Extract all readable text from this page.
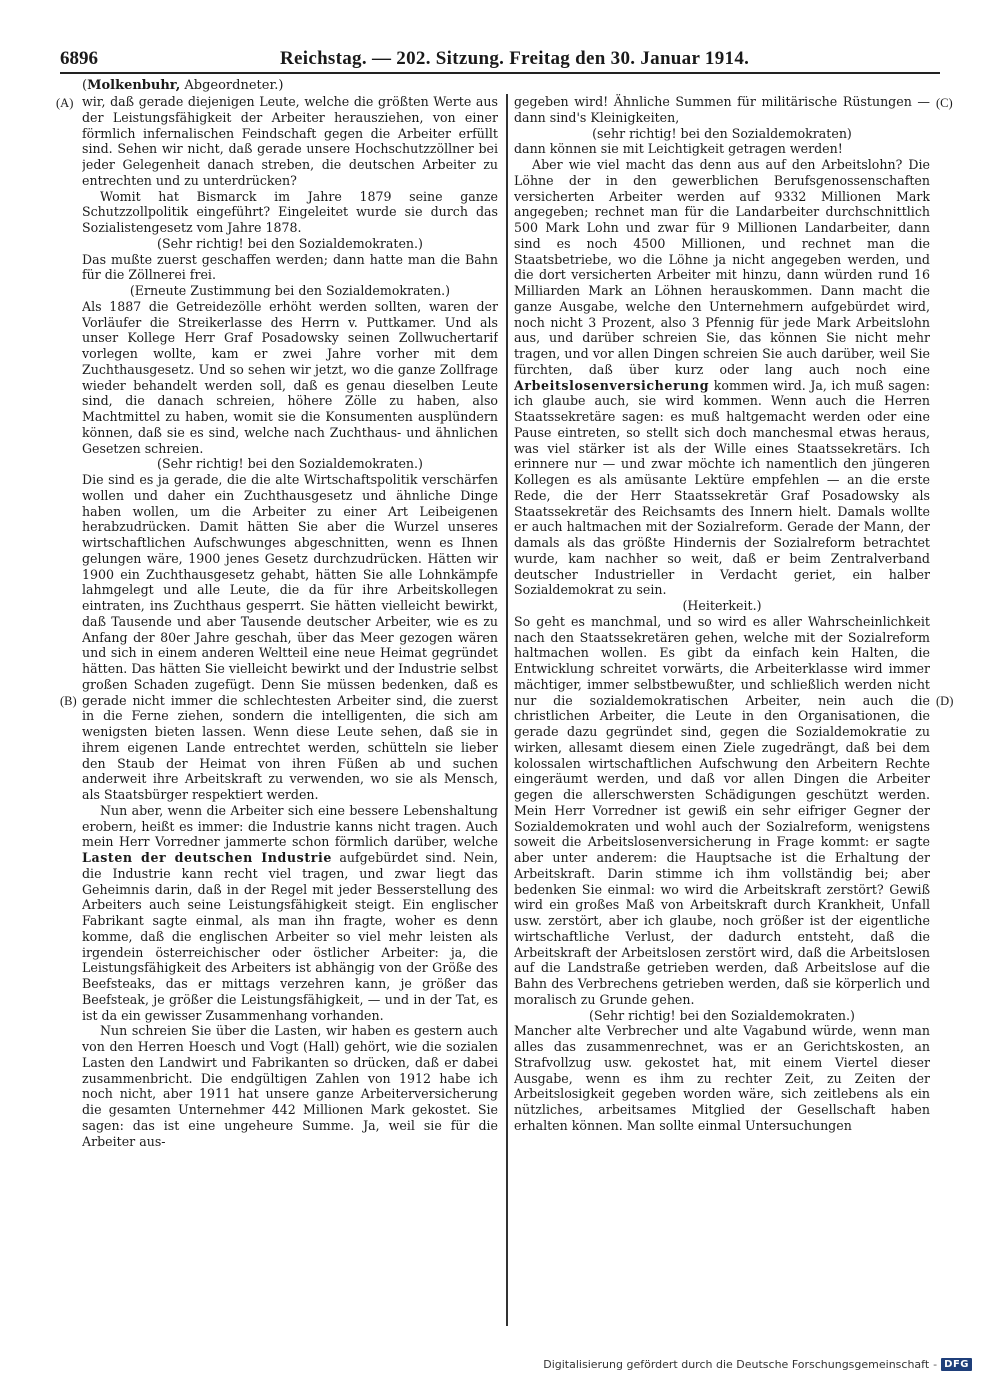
6896	Reichstag. — 202. Sitzung. Freitag den 30. Januar 1914.
(Molkenbuhr, Abgeordneter.)
(A)
(B)
(C)
(D)

wir, daß gerade diejenigen Leute, welche die größten Werte aus der Leistungsfähigkeit der Arbeiter herausziehen, von einer förmlich infernalischen Feindschaft gegen die Arbeiter erfüllt sind. Sehen wir nicht, daß gerade unsere Hochschutzzöllner bei jeder Gelegenheit danach streben, die deutschen Arbeiter zu entrechten und zu unterdrücken?

Womit hat Bismarck im Jahre 1879 seine ganze Schutzzollpolitik eingeführt? Eingeleitet wurde sie durch das Sozialistengesetz vom Jahre 1878.

(Sehr richtig! bei den Sozialdemokraten.)

Das mußte zuerst geschaffen werden; dann hatte man die Bahn für die Zöllnerei frei.

(Erneute Zustimmung bei den Sozialdemokraten.)

Als 1887 die Getreidezölle erhöht werden sollten, waren der Vorläufer die Streikerlasse des Herrn v. Puttkamer. Und als unser Kollege Herr Graf Posadowsky seinen Zollwuchertarif vorlegen wollte, kam er zwei Jahre vorher mit dem Zuchthausgesetz. Und so sehen wir jetzt, wo die ganze Zollfrage wieder behandelt werden soll, daß es genau dieselben Leute sind, die danach schreien, höhere Zölle zu haben, also Machtmittel zu haben, womit sie die Konsumenten ausplündern können, daß sie es sind, welche nach Zuchthaus- und ähnlichen Gesetzen schreien.

(Sehr richtig! bei den Sozialdemokraten.)

Die sind es ja gerade, die die alte Wirtschaftspolitik verschärfen wollen und daher ein Zuchthausgesetz und ähnliche Dinge haben wollen, um die Arbeiter zu einer Art Leibeigenen herabzudrücken. Damit hätten Sie aber die Wurzel unseres wirtschaftlichen Aufschwunges abgeschnitten, wenn es Ihnen gelungen wäre, 1900 jenes Gesetz durchzudrücken. Hätten wir 1900 ein Zuchthausgesetz gehabt, hätten Sie alle Lohnkämpfe lahmgelegt und alle Leute, die da für ihre Arbeitskollegen eintraten, ins Zuchthaus gesperrt. Sie hätten vielleicht bewirkt, daß Tausende und aber Tausende deutscher Arbeiter, wie es zu Anfang der 80er Jahre geschah, über das Meer gezogen wären und sich in einem anderen Weltteil eine neue Heimat gegründet hätten. Das hätten Sie vielleicht bewirkt und der Industrie selbst großen Schaden zugefügt. Denn Sie müssen bedenken, daß es gerade nicht immer die schlechtesten Arbeiter sind, die zuerst in die Ferne ziehen, sondern die intelligenten, die sich am wenigsten bieten lassen. Wenn diese Leute sehen, daß sie in ihrem eigenen Lande entrechtet werden, schütteln sie lieber den Staub der Heimat von ihren Füßen ab und suchen anderweit ihre Arbeitskraft zu verwenden, wo sie als Mensch, als Staatsbürger respektiert werden.

Nun aber, wenn die Arbeiter sich eine bessere Lebenshaltung erobern, heißt es immer: die Industrie kanns nicht tragen. Auch mein Herr Vorredner jammerte schon förmlich darüber, welche Lasten der deutschen Industrie aufgebürdet sind. Nein, die Industrie kann recht viel tragen, und zwar liegt das Geheimnis darin, daß in der Regel mit jeder Besserstellung des Arbeiters auch seine Leistungsfähigkeit steigt. Ein englischer Fabrikant sagte einmal, als man ihn fragte, woher es denn komme, daß die englischen Arbeiter so viel mehr leisten als irgendein österreichischer oder östlicher Arbeiter: ja, die Leistungsfähigkeit des Arbeiters ist abhängig von der Größe des Beefsteaks, das er mittags verzehren kann, je größer das Beefsteak, je größer die Leistungsfähigkeit, — und in der Tat, es ist da ein gewisser Zusammenhang vorhanden.

Nun schreien Sie über die Lasten, wir haben es gestern auch von den Herren Hoesch und Vogt (Hall) gehört, wie die sozialen Lasten den Landwirt und Fabrikanten so drücken, daß er dabei zusammenbricht. Die endgültigen Zahlen von 1912 habe ich noch nicht, aber 1911 hat unsere ganze Arbeiterversicherung die gesamten Unternehmer 442 Millionen Mark gekostet. Sie sagen: das ist eine ungeheure Summe. Ja, weil sie für die Arbeiter aus-

gegeben wird! Ähnliche Summen für militärische Rüstungen — dann sind's Kleinigkeiten,

(sehr richtig! bei den Sozialdemokraten)

dann können sie mit Leichtigkeit getragen werden!

Aber wie viel macht das denn aus auf den Arbeitslohn? Die Löhne der in den gewerblichen Berufsgenossenschaften versicherten Arbeiter werden auf 9332 Millionen Mark angegeben; rechnet man für die Landarbeiter durchschnittlich 500 Mark Lohn und zwar für 9 Millionen Landarbeiter, dann sind es noch 4500 Millionen, und rechnet man die Staatsbetriebe, wo die Löhne ja nicht angegeben werden, und die dort versicherten Arbeiter mit hinzu, dann würden rund 16 Milliarden Mark an Löhnen herauskommen. Dann macht die ganze Ausgabe, welche den Unternehmern aufgebürdet wird, noch nicht 3 Prozent, also 3 Pfennig für jede Mark Arbeitslohn aus, und darüber schreien Sie, das können Sie nicht mehr tragen, und vor allen Dingen schreien Sie auch darüber, weil Sie fürchten, daß über kurz oder lang auch noch eine Arbeitslosenversicherung kommen wird. Ja, ich muß sagen: ich glaube auch, sie wird kommen. Wenn auch die Herren Staatssekretäre sagen: es muß haltgemacht werden oder eine Pause eintreten, so stellt sich doch manchesmal etwas heraus, was viel stärker ist als der Wille eines Staatssekretärs. Ich erinnere nur — und zwar möchte ich namentlich den jüngeren Kollegen es als amüsante Lektüre empfehlen — an die erste Rede, die der Herr Staatssekretär Graf Posadowsky als Staatssekretär des Reichsamts des Innern hielt. Damals wollte er auch haltmachen mit der Sozialreform. Gerade der Mann, der damals als das größte Hindernis der Sozialreform betrachtet wurde, kam nachher so weit, daß er beim Zentralverband deutscher Industrieller in Verdacht geriet, ein halber Sozialdemokrat zu sein.

(Heiterkeit.)

So geht es manchmal, und so wird es aller Wahrscheinlichkeit nach den Staatssekretären gehen, welche mit der Sozialreform haltmachen wollen. Es gibt da einfach kein Halten, die Entwicklung schreitet vorwärts, die Arbeiterklasse wird immer mächtiger, immer selbstbewußter, und schließlich werden nicht nur die sozialdemokratischen Arbeiter, nein auch die christlichen Arbeiter, die Leute in den Organisationen, die gerade dazu gegründet sind, gegen die Sozialdemokratie zu wirken, allesamt diesem einen Ziele zugedrängt, daß bei dem kolossalen wirtschaftlichen Aufschwung den Arbeitern Rechte eingeräumt werden, und daß vor allen Dingen die Arbeiter gegen die allerschwersten Schädigungen geschützt werden. Mein Herr Vorredner ist gewiß ein sehr eifriger Gegner der Sozialdemokraten und wohl auch der Sozialreform, wenigstens soweit die Arbeitslosenversicherung in Frage kommt: er sagte aber unter anderem: die Hauptsache ist die Erhaltung der Arbeitskraft. Darin stimme ich ihm vollständig bei; aber bedenken Sie einmal: wo wird die Arbeitskraft zerstört? Gewiß wird ein großes Maß von Arbeitskraft durch Krankheit, Unfall usw. zerstört, aber ich glaube, noch größer ist der eigentliche wirtschaftliche Verlust, der dadurch entsteht, daß die Arbeitskraft der Arbeitslosen zerstört wird, daß die Arbeitslosen auf die Landstraße getrieben werden, daß Arbeitslose auf die Bahn des Verbrechens getrieben werden, daß sie körperlich und moralisch zu Grunde gehen.

(Sehr richtig! bei den Sozialdemokraten.)

Mancher alte Verbrecher und alte Vagabund würde, wenn man alles das zusammenrechnet, was er an Gerichtskosten, an Strafvollzug usw. gekostet hat, mit einem Viertel dieser Ausgabe, wenn es ihm zu rechter Zeit, zu Zeiten der Arbeitslosigkeit gegeben worden wäre, sich zeitlebens als ein nützliches, arbeitsames Mitglied der Gesellschaft haben erhalten können. Man sollte einmal Untersuchungen

Digitalisierung gefördert durch die Deutsche Forschungsgemeinschaft - DFG
